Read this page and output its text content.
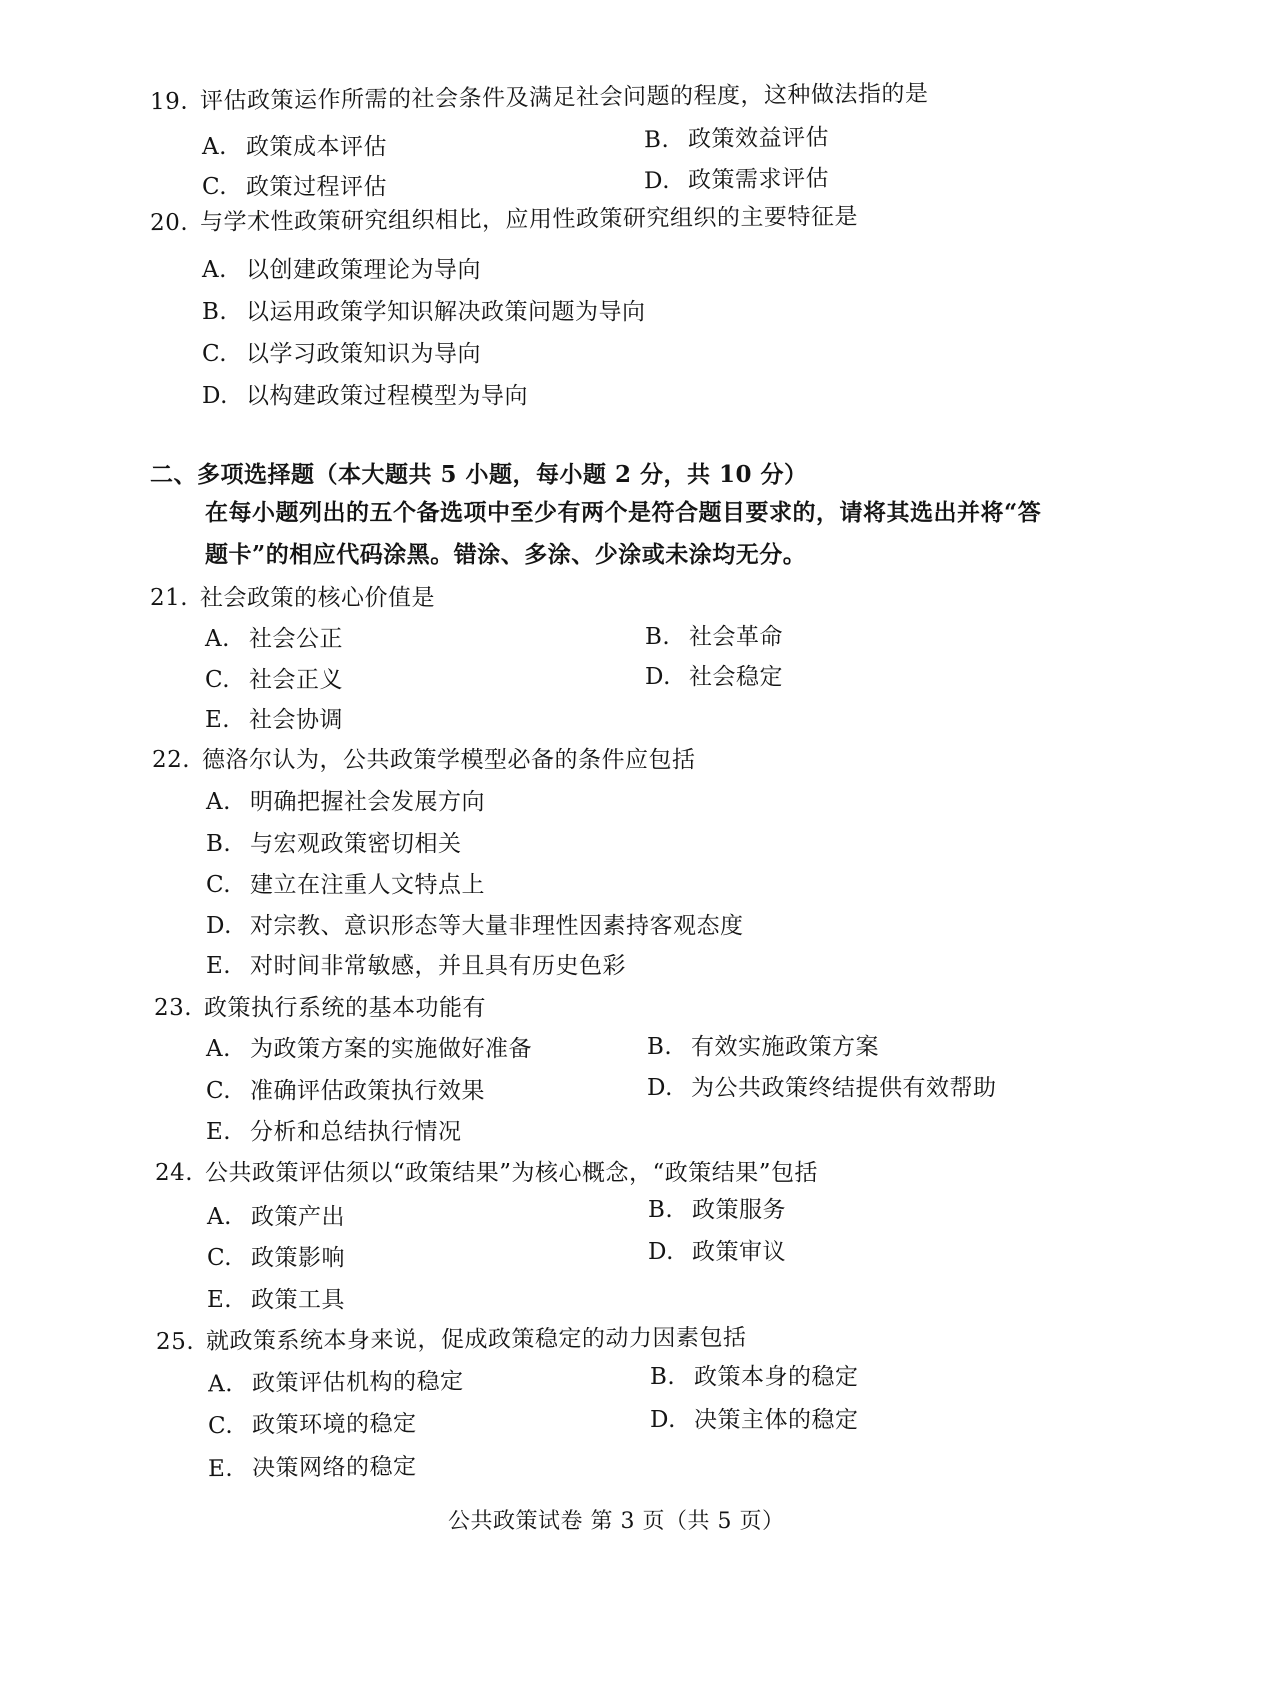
19. 评估政策运作所需的社会条件及满足社会问题的程度，这种做法指的是
A. 政策成本评估	B. 政策效益评估
C. 政策过程评估	D. 政策需求评估
20. 与学术性政策研究组织相比，应用性政策研究组织的主要特征是
A. 以创建政策理论为导向
B. 以运用政策学知识解决政策问题为导向
C. 以学习政策知识为导向
D. 以构建政策过程模型为导向
二、多项选择题（本大题共 5 小题，每小题 2 分，共 10 分）
在每小题列出的五个备选项中至少有两个是符合题目要求的，请将其选出并将“答
题卡”的相应代码涂黑。错涂、多涂、少涂或未涂均无分。
21. 社会政策的核心价值是
A. 社会公正	B. 社会革命
C. 社会正义	D. 社会稳定
E. 社会协调
22. 德洛尔认为，公共政策学模型必备的条件应包括
A. 明确把握社会发展方向
B. 与宏观政策密切相关
C. 建立在注重人文特点上
D. 对宗教、意识形态等大量非理性因素持客观态度
E. 对时间非常敏感，并且具有历史色彩
23. 政策执行系统的基本功能有
A. 为政策方案的实施做好准备	B. 有效实施政策方案
C. 准确评估政策执行效果	D. 为公共政策终结提供有效帮助
E. 分析和总结执行情况
24. 公共政策评估须以“政策结果”为核心概念，“政策结果”包括
A. 政策产出	B. 政策服务
C. 政策影响	D. 政策审议
E. 政策工具
25. 就政策系统本身来说，促成政策稳定的动力因素包括
A. 政策评估机构的稳定	B. 政策本身的稳定
C. 政策环境的稳定	D. 决策主体的稳定
E. 决策网络的稳定
公共政策试卷 第 3 页（共 5 页）
